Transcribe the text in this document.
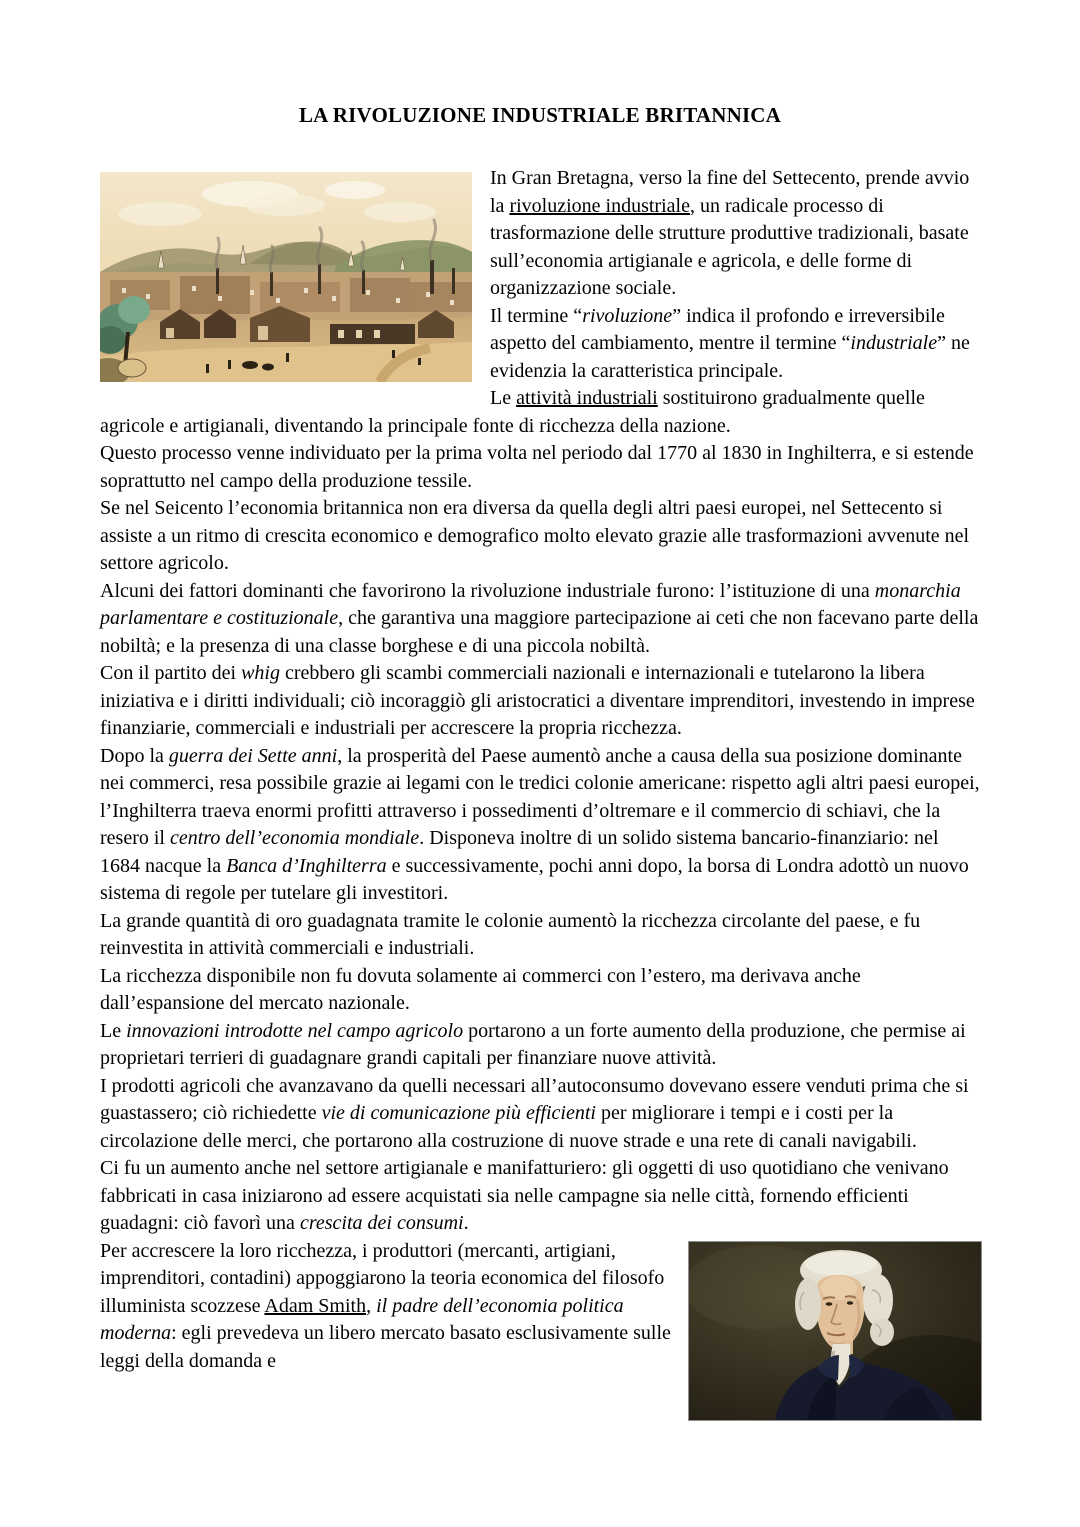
LA RIVOLUZIONE INDUSTRIALE BRITANNICA

In Gran Bretagna, verso la fine del Settecento, prende avvio la rivoluzione industriale, un radicale processo di trasformazione delle strutture produttive tradizionali, basate sull’economia artigianale e agricola, e delle forme di organizzazione sociale.

Il termine “rivoluzione” indica il profondo e irreversibile aspetto del cambiamento, mentre il termine “industriale” ne evidenzia la caratteristica principale.

Le attività industriali sostituirono gradualmente quelle agricole e artigianali, diventando la principale fonte di ricchezza della nazione.

Questo processo venne individuato per la prima volta nel periodo dal 1770 al 1830 in Inghilterra, e si estende soprattutto nel campo della produzione tessile.

Se nel Seicento l’economia britannica non era diversa da quella degli altri paesi europei, nel Settecento si assiste a un ritmo di crescita economico e demografico molto elevato grazie alle trasformazioni avvenute nel settore agricolo.

Alcuni dei fattori dominanti che favorirono la rivoluzione industriale furono: l’istituzione di una monarchia parlamentare e costituzionale, che garantiva una maggiore partecipazione ai ceti che non facevano parte della nobiltà; e la presenza di una classe borghese e di una piccola nobiltà.

Con il partito dei whig crebbero gli scambi commerciali nazionali e internazionali e tutelarono la libera iniziativa e i diritti individuali; ciò incoraggiò gli aristocratici a diventare imprenditori, investendo in imprese finanziarie, commerciali e industriali per accrescere la propria ricchezza.

Dopo la guerra dei Sette anni, la prosperità del Paese aumentò anche a causa della sua posizione dominante nei commerci, resa possibile grazie ai legami con le tredici colonie americane: rispetto agli altri paesi europei, l’Inghilterra traeva enormi profitti attraverso i possedimenti d’oltremare e il commercio di schiavi, che la resero il centro dell’economia mondiale. Disponeva inoltre di un solido sistema bancario-finanziario: nel 1684 nacque la Banca d’Inghilterra e successivamente, pochi anni dopo, la borsa di Londra adottò un nuovo sistema di regole per tutelare gli investitori.

La grande quantità di oro guadagnata tramite le colonie aumentò la ricchezza circolante del paese, e fu reinvestita in attività commerciali e industriali.

La ricchezza disponibile non fu dovuta solamente ai commerci con l’estero, ma derivava anche dall’espansione del mercato nazionale.

Le innovazioni introdotte nel campo agricolo portarono a un forte aumento della produzione, che permise ai proprietari terrieri di guadagnare grandi capitali per finanziare nuove attività.

I prodotti agricoli che avanzavano da quelli necessari all’autoconsumo dovevano essere venduti prima che si guastassero; ciò richiedette vie di comunicazione più efficienti per migliorare i tempi e i costi per la circolazione delle merci, che portarono alla costruzione di nuove strade e una rete di canali navigabili.

Ci fu un aumento anche nel settore artigianale e manifatturiero: gli oggetti di uso quotidiano che venivano fabbricati in casa iniziarono ad essere acquistati sia nelle campagne sia nelle città, fornendo efficienti guadagni: ciò favorì una crescita dei consumi.

Per accrescere la loro ricchezza, i produttori (mercanti, artigiani, imprenditori, contadini) appoggiarono la teoria economica del filosofo illuminista scozzese Adam Smith, il padre dell’economia politica moderna: egli prevedeva un libero mercato basato esclusivamente sulle leggi della domanda e
